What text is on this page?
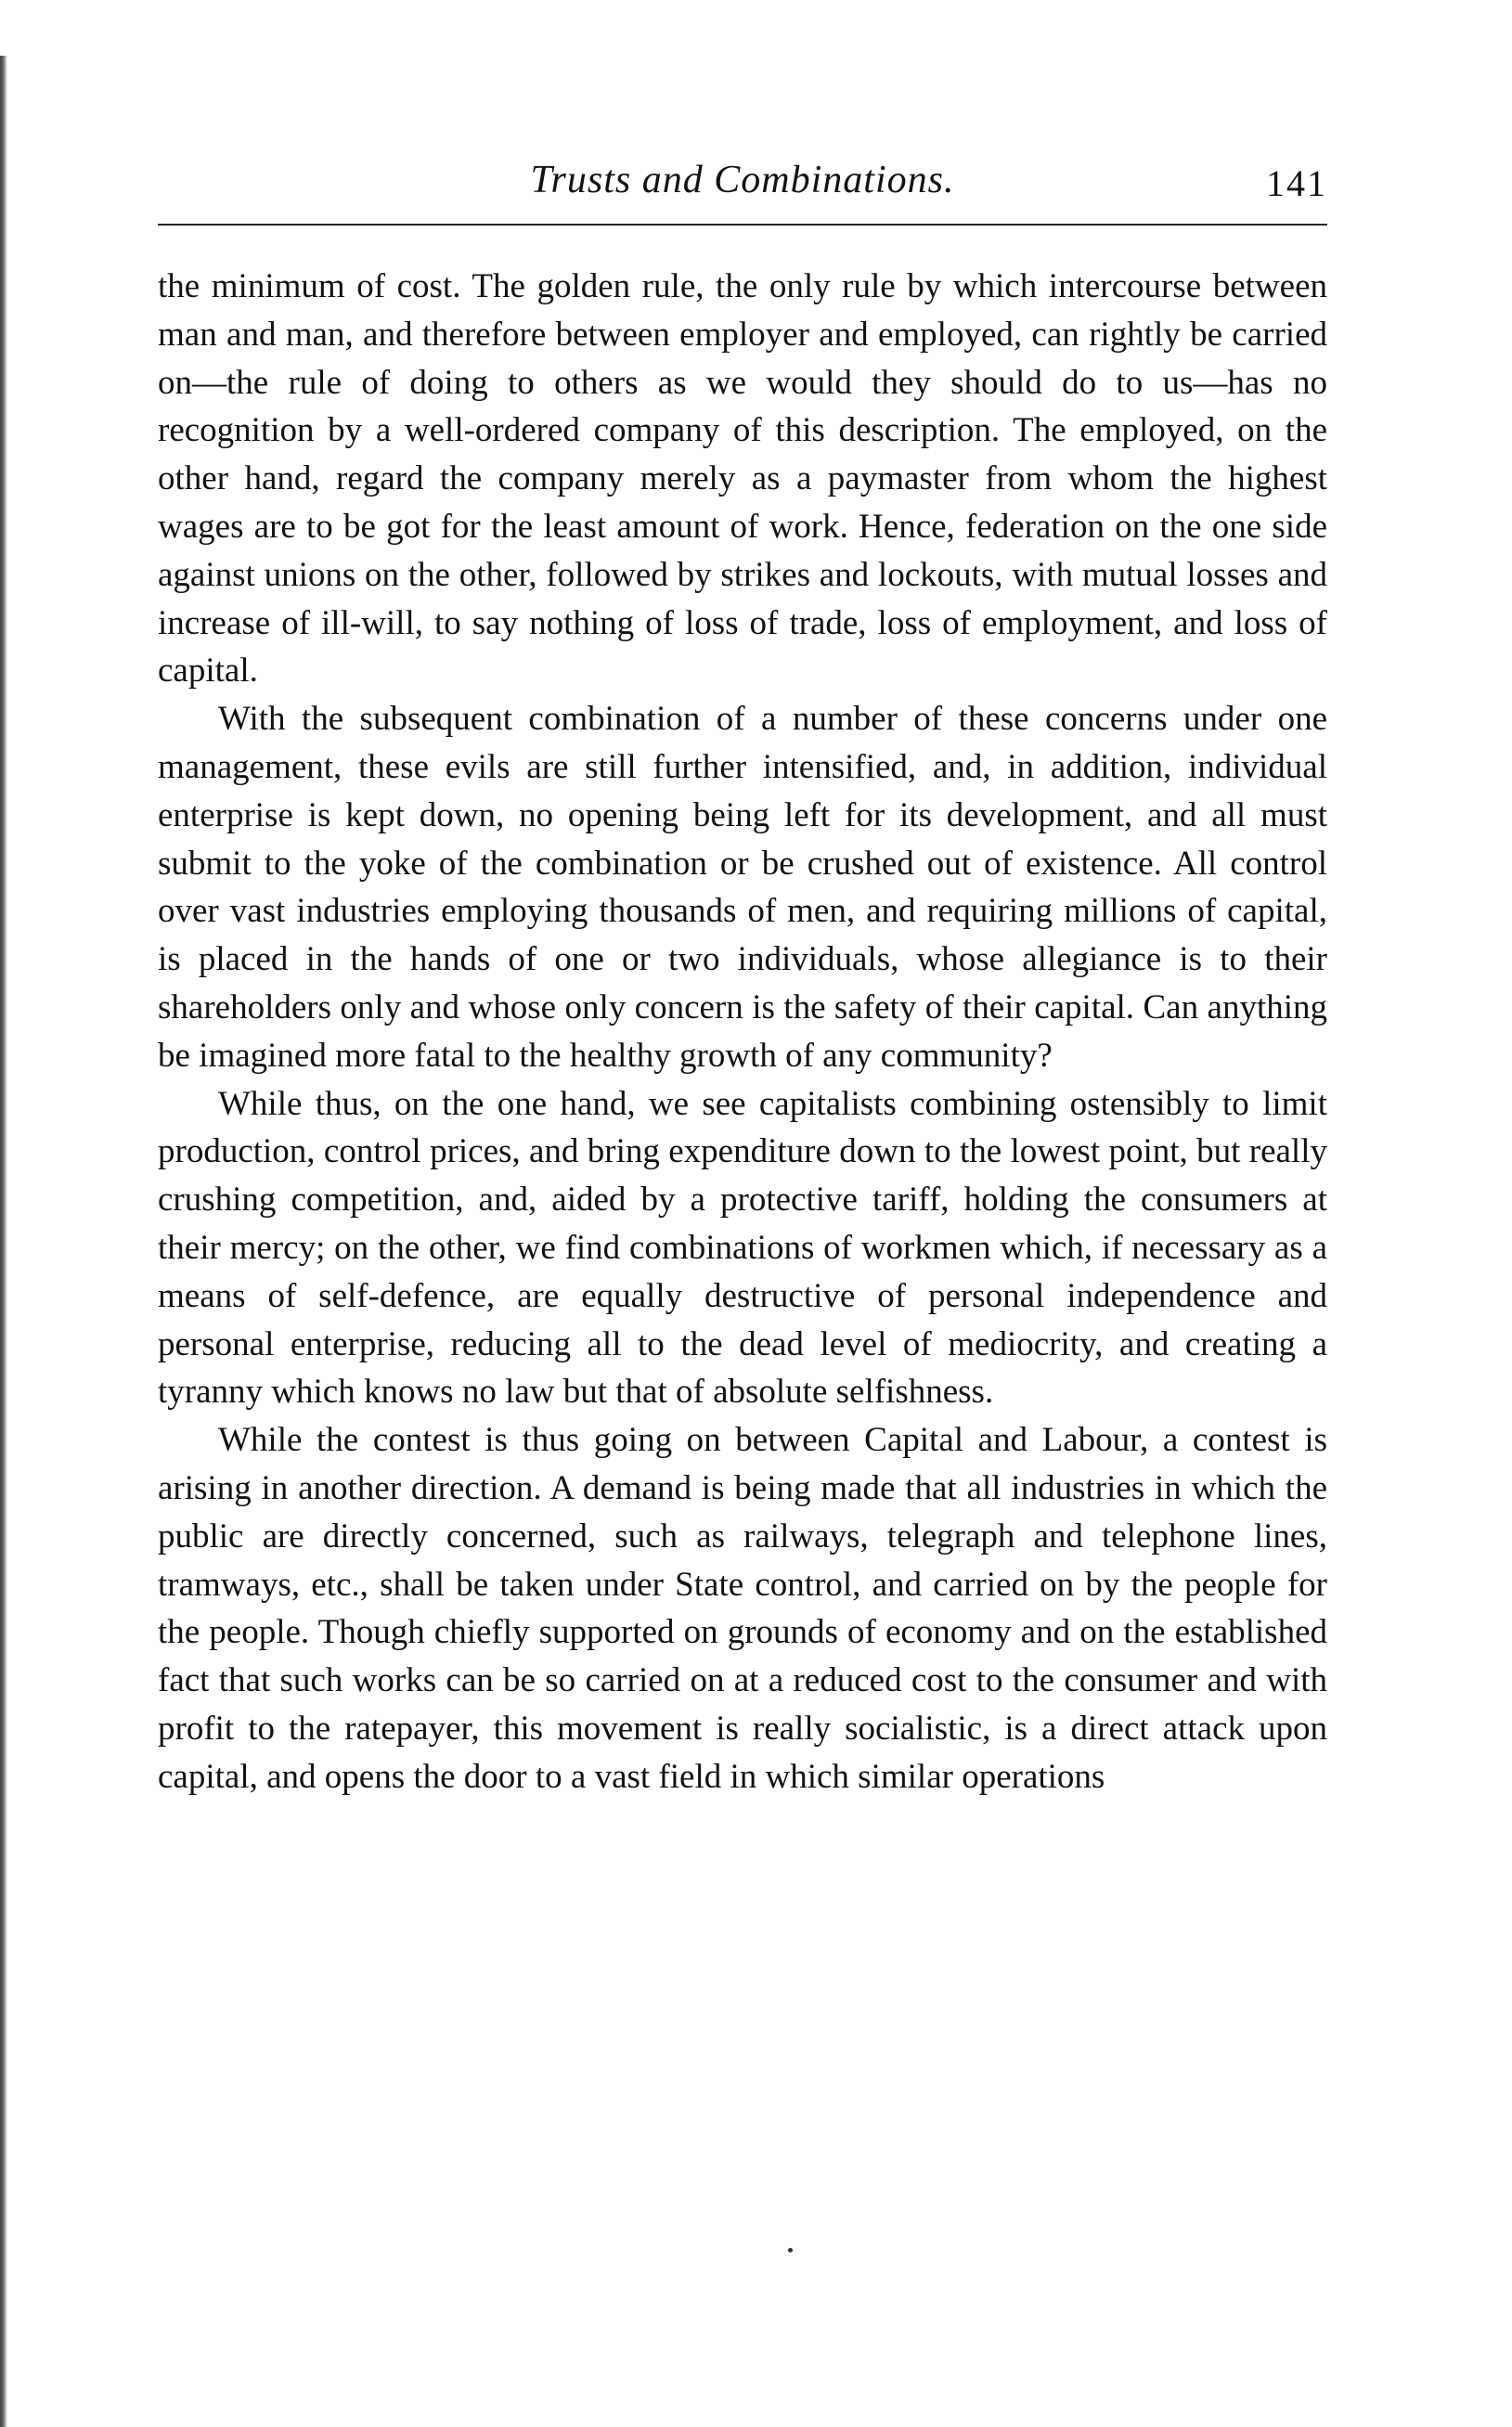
Trusts and Combinations.	141

the minimum of cost. The golden rule, the only rule by which intercourse between man and man, and therefore between employer and employed, can rightly be carried on—the rule of doing to others as we would they should do to us—has no recognition by a well-ordered company of this description. The employed, on the other hand, regard the company merely as a paymaster from whom the highest wages are to be got for the least amount of work. Hence, federation on the one side against unions on the other, followed by strikes and lockouts, with mutual losses and increase of ill-will, to say nothing of loss of trade, loss of employment, and loss of capital.

With the subsequent combination of a number of these concerns under one management, these evils are still further intensified, and, in addition, individual enterprise is kept down, no opening being left for its development, and all must submit to the yoke of the combination or be crushed out of existence. All control over vast industries employing thousands of men, and requiring millions of capital, is placed in the hands of one or two individuals, whose allegiance is to their shareholders only and whose only concern is the safety of their capital. Can anything be imagined more fatal to the healthy growth of any community?

While thus, on the one hand, we see capitalists combining ostensibly to limit production, control prices, and bring expenditure down to the lowest point, but really crushing competition, and, aided by a protective tariff, holding the consumers at their mercy; on the other, we find combinations of workmen which, if necessary as a means of self-defence, are equally destructive of personal independence and personal enterprise, reducing all to the dead level of mediocrity, and creating a tyranny which knows no law but that of absolute selfishness.

While the contest is thus going on between Capital and Labour, a contest is arising in another direction. A demand is being made that all industries in which the public are directly concerned, such as railways, telegraph and telephone lines, tramways, etc., shall be taken under State control, and carried on by the people for the people. Though chiefly supported on grounds of economy and on the established fact that such works can be so carried on at a reduced cost to the consumer and with profit to the ratepayer, this movement is really socialistic, is a direct attack upon capital, and opens the door to a vast field in which similar operations
